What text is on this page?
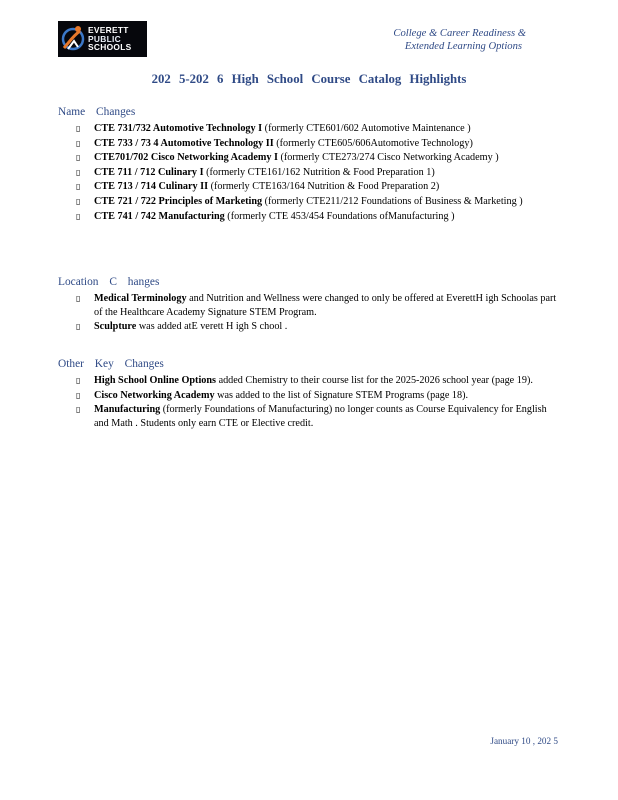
EVERETT
PUBLIC
SCHOOLS
College & Career Readiness &
Extended Learning Options
202 5-202 6 High School Course Catalog Highlights
Name Changes
▯ CTE 731/732 Automotive Technology I (formerly CTE601/602 Automotive Maintenance )
▯ CTE 733 / 73 4 Automotive Technology II (formerly CTE605/606Automotive Technology)
▯ CTE701/702 Cisco Networking Academy I (formerly CTE273/274 Cisco Networking Academy )
▯ CTE 711 / 712 Culinary I (formerly CTE161/162 Nutrition & Food Preparation 1)
▯ CTE 713 / 714 Culinary II (formerly CTE163/164 Nutrition & Food Preparation 2)
▯ CTE 721 / 722 Principles of Marketing (formerly CTE211/212 Foundations of Business & Marketing )
▯ CTE 741 / 742 Manufacturing (formerly CTE 453/454 Foundations ofManufacturing )
Location C hanges
▯ Medical Terminology and Nutrition and Wellness were changed to only be offered at EverettH igh Schoolas part of the Healthcare Academy Signature STEM Program.
▯ Sculpture was added atE verett H igh S chool .
Other Key Changes
▯ High School Online Options added Chemistry to their course list for the 2025-2026 school year (page 19).
▯ Cisco Networking Academy was added to the list of Signature STEM Programs (page 18).
▯ Manufacturing (formerly Foundations of Manufacturing) no longer counts as Course Equivalency for English and Math . Students only earn CTE or Elective credit.
January 10 , 202 5
